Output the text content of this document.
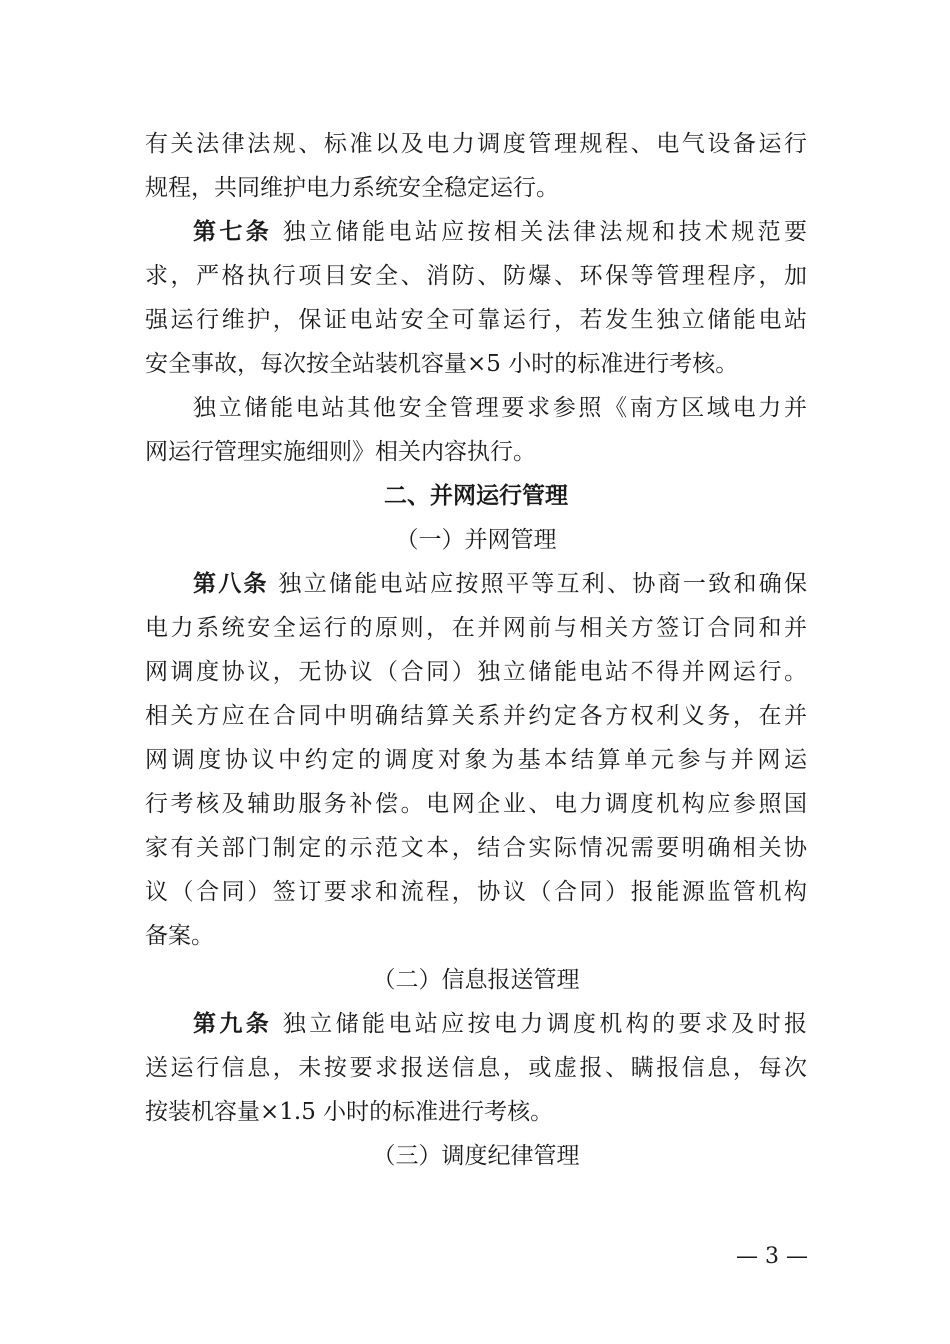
有关法律法规、标准以及电力调度管理规程、电气设备运行
规程，共同维护电力系统安全稳定运行。
第七条 独立储能电站应按相关法律法规和技术规范要
求，严格执行项目安全、消防、防爆、环保等管理程序，加
强运行维护，保证电站安全可靠运行，若发生独立储能电站
安全事故，每次按全站装机容量×5 小时的标准进行考核。
独立储能电站其他安全管理要求参照《南方区域电力并
网运行管理实施细则》相关内容执行。
二、并网运行管理
（一）并网管理
第八条 独立储能电站应按照平等互利、协商一致和确保
电力系统安全运行的原则，在并网前与相关方签订合同和并
网调度协议，无协议（合同）独立储能电站不得并网运行。
相关方应在合同中明确结算关系并约定各方权利义务，在并
网调度协议中约定的调度对象为基本结算单元参与并网运
行考核及辅助服务补偿。电网企业、电力调度机构应参照国
家有关部门制定的示范文本，结合实际情况需要明确相关协
议（合同）签订要求和流程，协议（合同）报能源监管机构
备案。
（二）信息报送管理
第九条 独立储能电站应按电力调度机构的要求及时报
送运行信息，未按要求报送信息，或虚报、瞒报信息，每次
按装机容量×1.5 小时的标准进行考核。
（三）调度纪律管理
— 3 —
